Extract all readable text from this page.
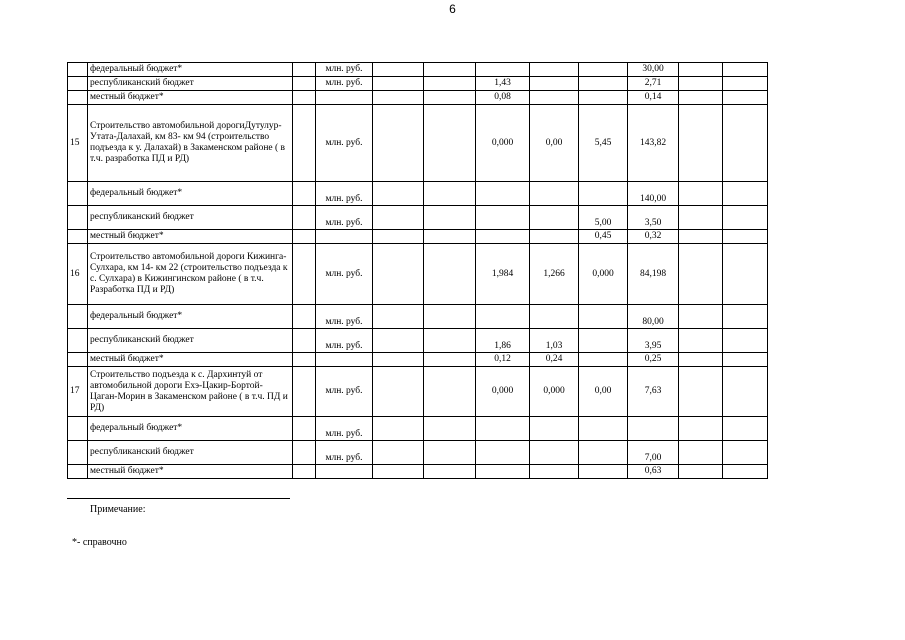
6
	федеральный бюджет*		млн. руб.						30,00		
	республиканский бюджет		млн. руб.			1,43			2,71		
	местный бюджет*					0,08			0,14		
15	Строительство автомобильной дорогиДутулур-Утата-Далахай, км 83- км 94 (строительство подъезда к у. Далахай) в Закаменском районе ( в т.ч. разработка ПД и РД)		млн. руб.			0,000	0,00	5,45	143,82		
	федеральный бюджет*		млн. руб.						140,00		
	республиканский бюджет		млн. руб.					5,00	3,50		
	местный бюджет*							0,45	0,32		
16	Строительство автомобильной дороги Кижинга-Сулхара, км 14- км 22 (строительство подъезда к с. Сулхара) в Кижингинском районе ( в т.ч. Разработка ПД и РД)		млн. руб.			1,984	1,266	0,000	84,198		
	федеральный бюджет*		млн. руб.						80,00		
	республиканский бюджет		млн. руб.			1,86	1,03		3,95		
	местный бюджет*					0,12	0,24		0,25		
17	Строительство подъезда к с. Дархинтуй от автомобильной дороги Ехэ-Цакир-Бортой-Цаган-Морин в Закаменском районе ( в т.ч. ПД и РД)		млн. руб.			0,000	0,000	0,00	7,63		
	федеральный бюджет*		млн. руб.								
	республиканский бюджет		млн. руб.						7,00		
	местный бюджет*								0,63		
Примечание:
*- справочно
